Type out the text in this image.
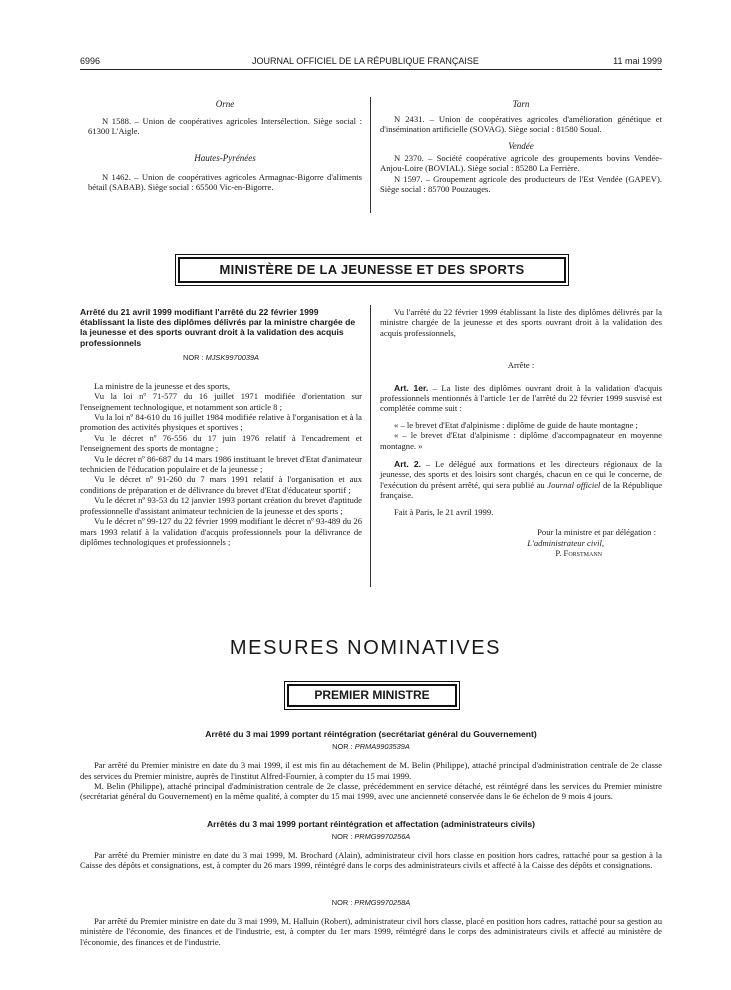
6996	JOURNAL OFFICIEL DE LA RÉPUBLIQUE FRANÇAISE	11 mai 1999

Orne

N 1588. – Union de coopératives agricoles Intersélection. Siège social : 61300 L'Aigle.

Hautes-Pyrénées

N 1462. – Union de coopératives agricoles Armagnac-Bigorre d'aliments bétail (SABAB). Siège social : 65500 Vic-en-Bigorre.

Tarn

N 2431. – Union de coopératives agricoles d'amélioration génétique et d'insémination artificielle (SOVAG). Siège social : 81580 Soual.

Vendée

N 2370. – Société coopérative agricole des groupements bovins Vendée-Anjou-Loire (BOVIAL). Siège social : 85280 La Ferrière.

N 1597. – Groupement agricole des producteurs de l'Est Vendée (GAPEV). Siège social : 85700 Pouzauges.

MINISTÈRE DE LA JEUNESSE ET DES SPORTS

Arrêté du 21 avril 1999 modifiant l'arrêté du 22 février 1999 établissant la liste des diplômes délivrés par la ministre chargée de la jeunesse et des sports ouvrant droit à la validation des acquis professionnels

NOR : MJSK9970039A

La ministre de la jeunesse et des sports,

Vu la loi nº 71-577 du 16 juillet 1971 modifiée d'orientation sur l'enseignement technologique, et notamment son article 8 ;

Vu la loi nº 84-610 du 16 juillet 1984 modifiée relative à l'organisation et à la promotion des activités physiques et sportives ;

Vu le décret nº 76-556 du 17 juin 1976 relatif à l'encadrement et l'enseignement des sports de montagne ;

Vu le décret nº 86-687 du 14 mars 1986 instituant le brevet d'Etat d'animateur technicien de l'éducation populaire et de la jeunesse ;

Vu le décret nº 91-260 du 7 mars 1991 relatif à l'organisation et aux conditions de préparation et de délivrance du brevet d'Etat d'éducateur sportif ;

Vu le décret nº 93-53 du 12 janvier 1993 portant création du brevet d'aptitude professionnelle d'assistant animateur technicien de la jeunesse et des sports ;

Vu le décret nº 99-127 du 22 février 1999 modifiant le décret nº 93-489 du 26 mars 1993 relatif à la validation d'acquis professionnels pour la délivrance de diplômes technologiques et professionnels ;

Vu l'arrêté du 22 février 1999 établissant la liste des diplômes délivrés par la ministre chargée de la jeunesse et des sports ouvrant droit à la validation des acquis professionnels,

Arrête :

Art. 1er. – La liste des diplômes ouvrant droit à la validation d'acquis professionnels mentionnés à l'article 1er de l'arrêté du 22 février 1999 susvisé est complétée comme suit :

« – le brevet d'Etat d'alpinisme : diplôme de guide de haute montagne ;

« – le brevet d'Etat d'alpinisme : diplôme d'accompagnateur en moyenne montagne. »

Art. 2. – Le délégué aux formations et les directeurs régionaux de la jeunesse, des sports et des loisirs sont chargés, chacun en ce qui le concerne, de l'exécution du présent arrêté, qui sera publié au Journal officiel de la République française.

Fait à Paris, le 21 avril 1999.

Pour la ministre et par délégation :

L'administrateur civil,

P. Forstmann

MESURES NOMINATIVES
PREMIER MINISTRE

Arrêté du 3 mai 1999 portant réintégration (secrétariat général du Gouvernement)

NOR : PRMA9903539A

Par arrêté du Premier ministre en date du 3 mai 1999, il est mis fin au détachement de M. Belin (Philippe), attaché principal d'administration centrale de 2e classe des services du Premier ministre, auprès de l'institut Alfred-Fournier, à compter du 15 mai 1999.

M. Belin (Philippe), attaché principal d'administration centrale de 2e classe, précédemment en service détaché, est réintégré dans les services du Premier ministre (secrétariat général du Gouvernement) en la même qualité, à compter du 15 mai 1999, avec une ancienneté conservée dans le 6e échelon de 9 mois 4 jours.

Arrêtés du 3 mai 1999 portant réintégration et affectation (administrateurs civils)

NOR : PRMG9970256A

Par arrêté du Premier ministre en date du 3 mai 1999, M. Brochard (Alain), administrateur civil hors classe en position hors cadres, rattaché pour sa gestion à la Caisse des dépôts et consignations, est, à compter du 26 mars 1999, réintégré dans le corps des administrateurs civils et affecté à la Caisse des dépôts et consignations.

NOR : PRMG9970258A

Par arrêté du Premier ministre en date du 3 mai 1999, M. Halluin (Robert), administrateur civil hors classe, placé en position hors cadres, rattaché pour sa gestion au ministère de l'économie, des finances et de l'industrie, est, à compter du 1er mars 1999, réintégré dans le corps des administrateurs civils et affecté au ministère de l'économie, des finances et de l'industrie.
